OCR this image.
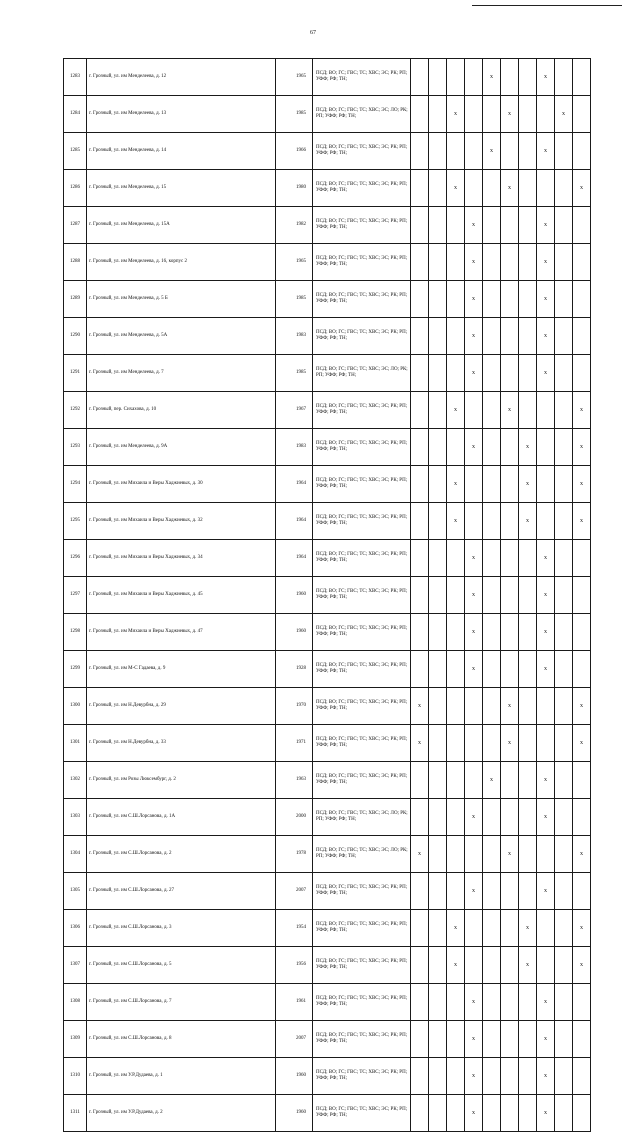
67
1283	г. Грозный, ул. им Менделеева, д. 12	1965	ПСД; ВО; ГС; ГВС; ТС; ХВС; ЭС; РК; РП; УФФ; РФ; ТН;					x			x		
1284	г. Грозный, ул. им Менделеева, д. 13	1985	ПСД; ВО; ГС; ГВС; ТС; ХВС; ЭС; ЛО; РК; РП; УФФ; РФ; ТН;			x			x			x	
1285	г. Грозный, ул. им Менделеева, д. 14	1966	ПСД; ВО; ГС; ГВС; ТС; ХВС; ЭС; РК; РП; УФФ; РФ; ТН;					x			x		
1286	г. Грозный, ул. им Менделеева, д. 15	1980	ПСД; ВО; ГС; ГВС; ТС; ХВС; ЭС; РК; РП; УФФ; РФ; ТН;			x			x				x
1287	г. Грозный, ул. им Менделеева, д. 15А	1982	ПСД; ВО; ГС; ГВС; ТС; ХВС; ЭС; РК; РП; УФФ; РФ; ТН;				x				x		
1288	г. Грозный, ул. им Менделеева, д. 16, корпус 2	1965	ПСД; ВО; ГС; ГВС; ТС; ХВС; ЭС; РК; РП; УФФ; РФ; ТН;				x				x		
1289	г. Грозный, ул. им Менделеева, д. 5 Б	1985	ПСД; ВО; ГС; ГВС; ТС; ХВС; ЭС; РК; РП; УФФ; РФ; ТН;				x				x		
1290	г. Грозный, ул. им Менделеева, д. 5А	1983	ПСД; ВО; ГС; ГВС; ТС; ХВС; ЭС; РК; РП; УФФ; РФ; ТН;				x				x		
1291	г. Грозный, ул. им Менделеева, д. 7	1985	ПСД; ВО; ГС; ГВС; ТС; ХВС; ЭС; ЛО; РК; РП; УФФ; РФ; ТН;				x				x		
1292	г. Грозный, пер. Сихахова, д. 10	1967	ПСД; ВО; ГС; ГВС; ТС; ХВС; ЭС; РК; РП; УФФ; РФ; ТН;			x			x				x
1293	г. Грозный, ул. им Менделеева, д. 9А	1983	ПСД; ВО; ГС; ГВС; ТС; ХВС; ЭС; РК; РП; УФФ; РФ; ТН;				x			x			x
1294	г. Грозный, ул. им Михаила и Веры Хаджиевых, д. 30	1964	ПСД; ВО; ГС; ГВС; ТС; ХВС; ЭС; РК; РП; УФФ; РФ; ТН;			x				x			x
1295	г. Грозный, ул. им Михаила и Веры Хаджиевых, д. 32	1964	ПСД; ВО; ГС; ГВС; ТС; ХВС; ЭС; РК; РП; УФФ; РФ; ТН;			x				x			x
1296	г. Грозный, ул. им Михаила и Веры Хаджиевых, д. 34	1964	ПСД; ВО; ГС; ГВС; ТС; ХВС; ЭС; РК; РП; УФФ; РФ; ТН;				x				x		
1297	г. Грозный, ул. им Михаила и Веры Хаджиевых, д. 45	1960	ПСД; ВО; ГС; ГВС; ТС; ХВС; ЭС; РК; РП; УФФ; РФ; ТН;				x				x		
1298	г. Грозный, ул. им Михаила и Веры Хаджиевых, д. 47	1960	ПСД; ВО; ГС; ГВС; ТС; ХВС; ЭС; РК; РП; УФФ; РФ; ТН;				x				x		
1299	г. Грозный, ул. им М-С Гадаева, д. 9	1928	ПСД; ВО; ГС; ГВС; ТС; ХВС; ЭС; РК; РП; УФФ; РФ; ТН;				x				x		
1300	г. Грозный, ул. им Н.Девурбна, д. 29	1970	ПСД; ВО; ГС; ГВС; ТС; ХВС; ЭС; РК; РП; УФФ; РФ; ТН;	x					x				x
1301	г. Грозный, ул. им Н.Девурбна, д. 33	1971	ПСД; ВО; ГС; ГВС; ТС; ХВС; ЭС; РК; РП; УФФ; РФ; ТН;	x					x				x
1302	г. Грозный, ул. им Розы Люксембург, д. 2	1963	ПСД; ВО; ГС; ГВС; ТС; ХВС; ЭС; РК; РП; УФФ; РФ; ТН;					x			x		
1303	г. Грозный, ул. им С.Ш.Лорсанова, д. 1А	2000	ПСД; ВО; ГС; ГВС; ТС; ХВС; ЭС; ЛО; РК; РП; УФФ; РФ; ТН;				x				x		
1304	г. Грозный, ул. им С.Ш.Лорсанова, д. 2	1978	ПСД; ВО; ГС; ГВС; ТС; ХВС; ЭС; ЛО; РК; РП; УФФ; РФ; ТН;	x					x				x
1305	г. Грозный, ул. им С.Ш.Лорсанова, д. 27	2007	ПСД; ВО; ГС; ГВС; ТС; ХВС; ЭС; РК; РП; УФФ; РФ; ТН;				x				x		
1306	г. Грозный, ул. им С.Ш.Лорсанова, д. 3	1954	ПСД; ВО; ГС; ГВС; ТС; ХВС; ЭС; РК; РП; УФФ; РФ; ТН;			x				x			x
1307	г. Грозный, ул. им С.Ш.Лорсанова, д. 5	1956	ПСД; ВО; ГС; ГВС; ТС; ХВС; ЭС; РК; РП; УФФ; РФ; ТН;			x				x			x
1308	г. Грозный, ул. им С.Ш.Лорсанова, д. 7	1961	ПСД; ВО; ГС; ГВС; ТС; ХВС; ЭС; РК; РП; УФФ; РФ; ТН;				x				x		
1309	г. Грозный, ул. им С.Ш.Лорсанова, д. 8	2007	ПСД; ВО; ГС; ГВС; ТС; ХВС; ЭС; РК; РП; УФФ; РФ; ТН;				x				x		
1310	г. Грозный, ул. им У.Р.Дудаева, д. 1	1960	ПСД; ВО; ГС; ГВС; ТС; ХВС; ЭС; РК; РП; УФФ; РФ; ТН;				x				x		
1311	г. Грозный, ул. им У.Р.Дудаева, д. 2	1960	ПСД; ВО; ГС; ГВС; ТС; ХВС; ЭС; РК; РП; УФФ; РФ; ТН;				x				x		
